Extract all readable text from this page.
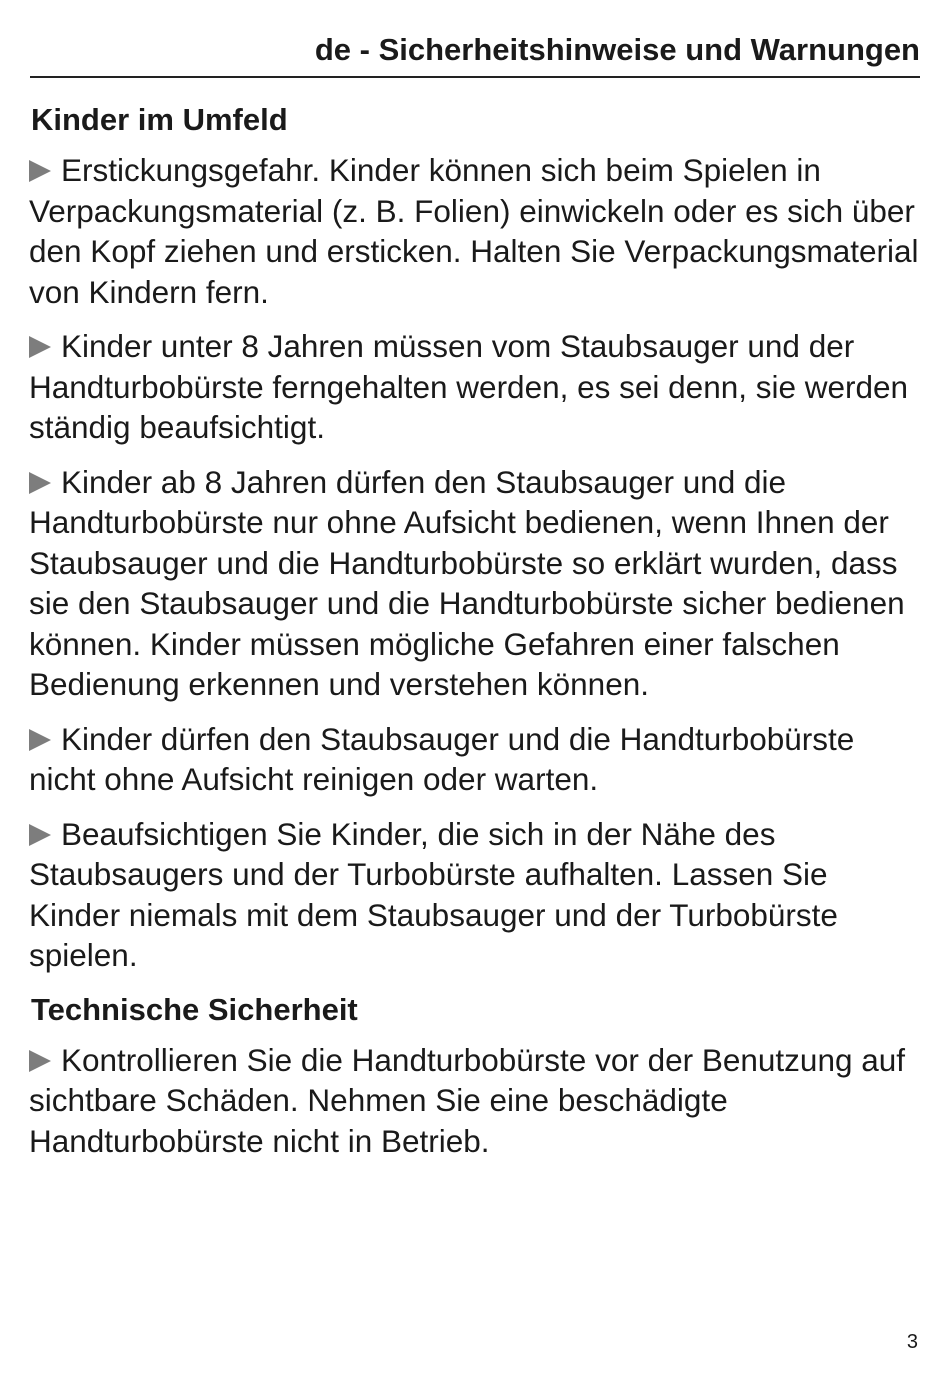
de - Sicherheitshinweise und Warnungen
Kinder im Umfeld

Erstickungsgefahr. Kinder können sich beim Spielen in Verpackungsmaterial (z. B. Folien) einwickeln oder es sich über den Kopf ziehen und ersticken. Halten Sie Verpackungsmaterial von Kindern fern.

Kinder unter 8 Jahren müssen vom Staubsauger und der Handturbobürste ferngehalten werden, es sei denn, sie werden ständig beaufsichtigt.

Kinder ab 8 Jahren dürfen den Staubsauger und die Handturbobürste nur ohne Aufsicht bedienen, wenn Ihnen der Staubsauger und die Handturbobürste so erklärt wurden, dass sie den Staubsauger und die Handturbobürste sicher bedienen können. Kinder müssen mögliche Gefahren einer falschen Bedienung erkennen und verstehen können.

Kinder dürfen den Staubsauger und die Handturbobürste nicht ohne Aufsicht reinigen oder warten.

Beaufsichtigen Sie Kinder, die sich in der Nähe des Staubsaugers und der Turbobürste aufhalten. Lassen Sie Kinder niemals mit dem Staubsauger und der Turbobürste spielen.

Technische Sicherheit

Kontrollieren Sie die Handturbobürste vor der Benutzung auf sichtbare Schäden. Nehmen Sie eine beschädigte Handturbobürste nicht in Betrieb.

3
